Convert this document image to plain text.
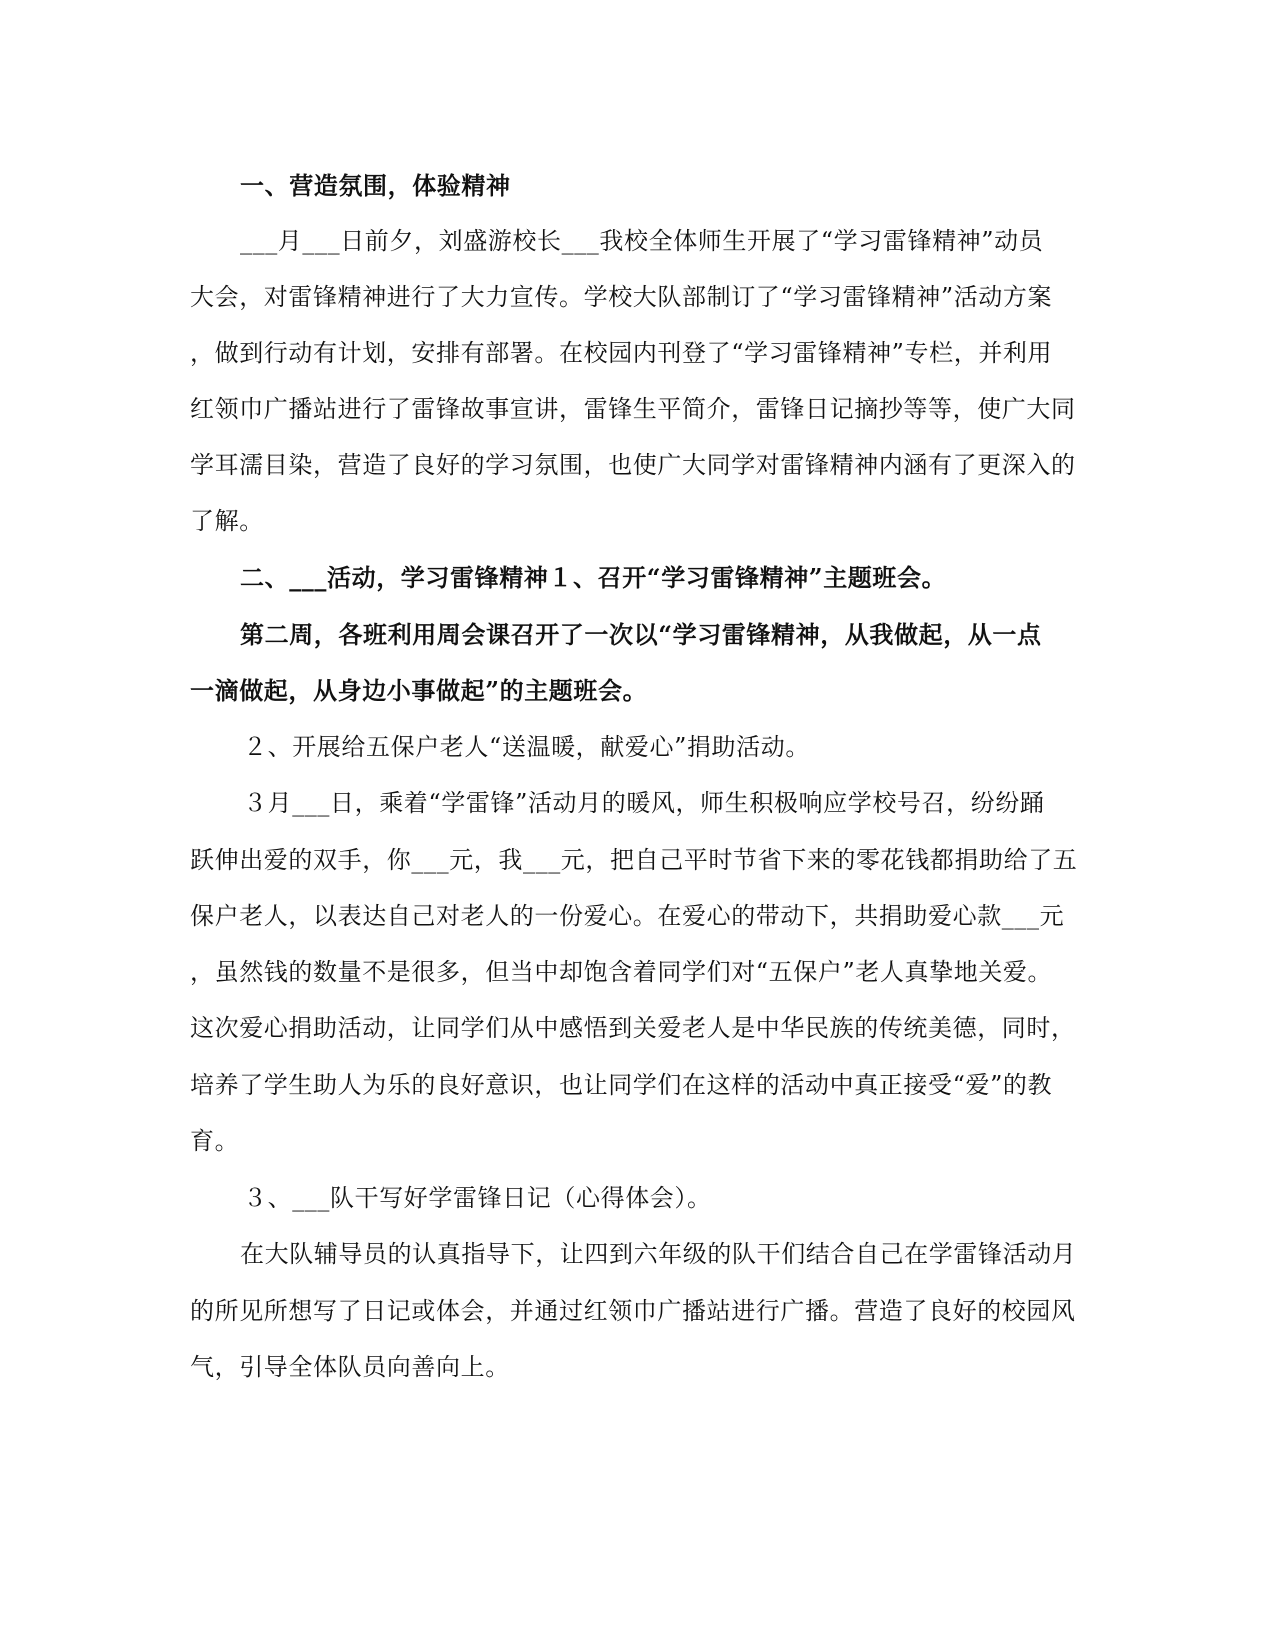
一、营造氛围，体验精神

___月___日前夕，刘盛游校长___我校全体师生开展了“学习雷锋精神”动员

大会，对雷锋精神进行了大力宣传。学校大队部制订了“学习雷锋精神”活动方案

，做到行动有计划，安排有部署。在校园内刊登了“学习雷锋精神”专栏，并利用

红领巾广播站进行了雷锋故事宣讲，雷锋生平简介，雷锋日记摘抄等等，使广大同

学耳濡目染，营造了良好的学习氛围，也使广大同学对雷锋精神内涵有了更深入的

了解。

二、___活动，学习雷锋精神１、召开“学习雷锋精神”主题班会。

第二周，各班利用周会课召开了一次以“学习雷锋精神，从我做起，从一点

一滴做起，从身边小事做起”的主题班会。

２、开展给五保户老人“送温暖，献爱心”捐助活动。

３月___日，乘着“学雷锋”活动月的暖风，师生积极响应学校号召，纷纷踊

跃伸出爱的双手，你___元，我___元，把自己平时节省下来的零花钱都捐助给了五

保户老人，以表达自己对老人的一份爱心。在爱心的带动下，共捐助爱心款___元

，虽然钱的数量不是很多，但当中却饱含着同学们对“五保户”老人真挚地关爱。

这次爱心捐助活动，让同学们从中感悟到关爱老人是中华民族的传统美德，同时，

培养了学生助人为乐的良好意识，也让同学们在这样的活动中真正接受“爱”的教

育。

３、___队干写好学雷锋日记（心得体会）。

在大队辅导员的认真指导下，让四到六年级的队干们结合自己在学雷锋活动月

的所见所想写了日记或体会，并通过红领巾广播站进行广播。营造了良好的校园风

气，引导全体队员向善向上。
